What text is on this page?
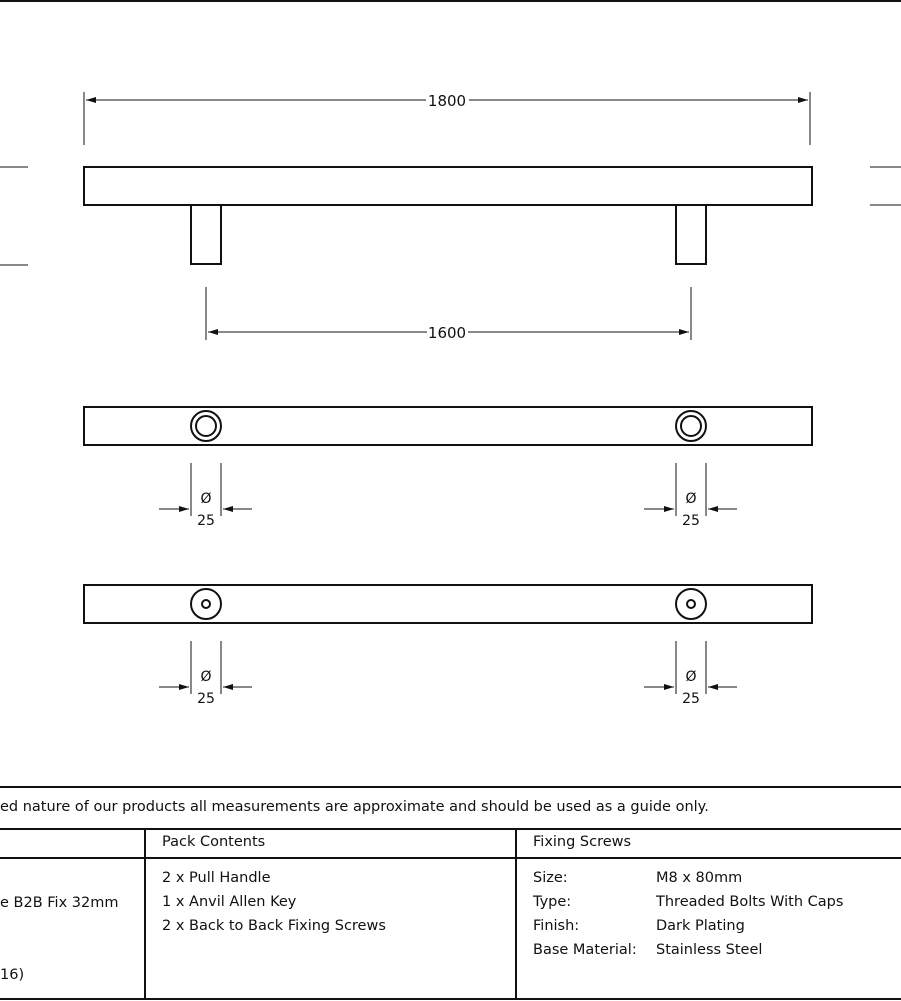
1800
1600
Ø
25
Ø
25
Ø
25
Ø
25
ed nature of our products all measurements are approximate and should be used as a guide only.
e B2B Fix 32mm
16)
Pack Contents
2 x Pull Handle
1 x Anvil Allen Key
2 x Back to Back Fixing Screws
Fixing Screws
Size:	M8 x 80mm
Type:	Threaded Bolts With Caps
Finish:	Dark Plating
Base Material: Stainless Steel
